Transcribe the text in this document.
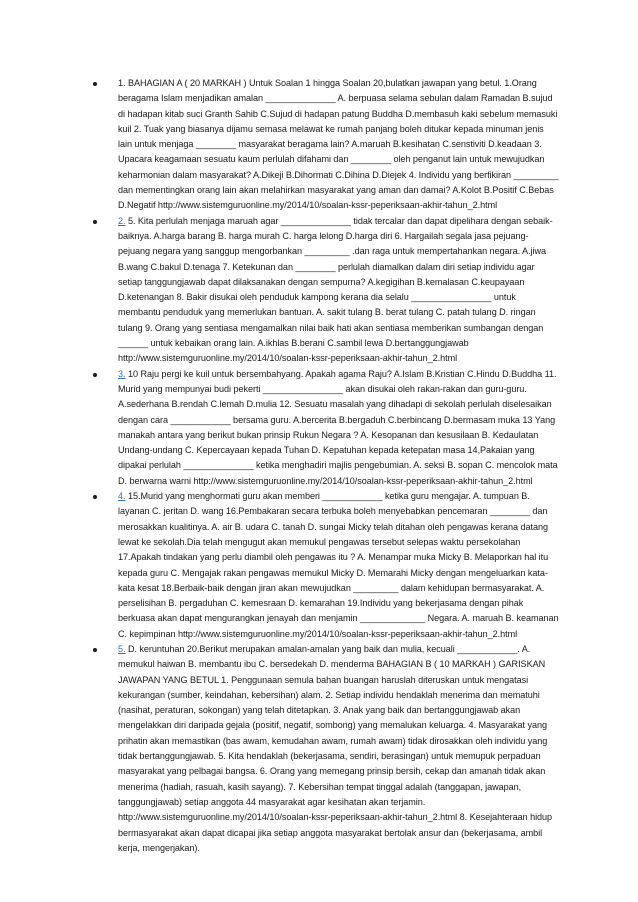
1. BAHAGIAN A ( 20 MARKAH ) Untuk Soalan 1 hingga Soalan 20,bulatkan jawapan yang betul. 1.Orang beragama Islam menjadikan amalan ______________ A. berpuasa selama sebulan dalam Ramadan B.sujud di hadapan kitab suci Granth Sahib C.Sujud di hadapan patung Buddha D.membasuh kaki sebelum memasuki kuil 2. Tuak yang biasanya dijamu semasa melawat ke rumah panjang boleh ditukar kepada minuman jenis lain untuk menjaga ________ masyarakat beragama lain? A.maruah B.kesihatan C.senstiviti D.keadaan 3. Upacara keagamaan sesuatu kaum perlulah difahami dan ________ oleh penganut lain untuk mewujudkan keharmonian dalam masyarakat? A.Dikeji B.Dihormati C.Dihina D.Diejek 4. Individu yang berfikiran _________ dan mementingkan orang lain akan melahirkan masyarakat yang aman dan damai? A.Kolot B.Positif C.Bebas D.Negatif http://www.sistemguruonline.my/2014/10/soalan-kssr-peperiksaan-akhir-tahun_2.html
2. 5. Kita perlulah menjaga maruah agar ______________ tidak tercalar dan dapat dipelihara dengan sebaik-baiknya. A.harga barang B. harga murah C. harga lelong D.harga diri 6. Hargailah segala jasa pejuang-pejuang negara yang sanggup mengorbankan _________ .dan raga untuk mempertahankan negara. A.jiwa B.wang C.bakul D.tenaga 7. Ketekunan dan ________ perlulah diamalkan dalam diri setiap individu agar setiap tanggungjawab dapat dilaksanakan dengan sempurna? A.kegigihan B.kemalasan C.keupayaan D.ketenangan 8. Bakir disukai oleh penduduk kampong kerana dia selalu ________________ untuk membantu penduduk yang memerlukan bantuan. A. sakit tulang B. berat tulang C. patah tulang D. ringan tulang 9. Orang yang sentiasa mengamalkan nilai baik hati akan sentiasa memberikan sumbangan dengan ______ untuk kebaikan orang lain. A.ikhlas B.berani C.sambil lewa D.bertanggungjawab http://www.sistemguruonline.my/2014/10/soalan-kssr-peperiksaan-akhir-tahun_2.html
3. 10 Raju pergi ke kuil untuk bersembahyang. Apakah agama Raju? A.Islam B.Kristian C.Hindu D.Buddha 11. Murid yang mempunyai budi pekerti ________________ akan disukai oleh rakan-rakan dan guru-guru. A.sederhana B.rendah C.lemah D.mulia 12. Sesuatu masalah yang dihadapi di sekolah perlulah diselesaikan dengan cara ____________ bersama guru. A.bercerita B.bergaduh C.berbincang D.bermasam muka 13 Yang manakah antara yang berikut bukan prinsip Rukun Negara ? A. Kesopanan dan kesusilaan B. Kedaulatan Undang-undang C. Kepercayaan kepada Tuhan D. Kepatuhan kepada ketepatan masa 14,Pakaian yang dipakai perlulah ______________ ketika menghadiri majlis pengebumian. A. seksi B. sopan C. mencolok mata D. berwarna warni http://www.sistemguruonline.my/2014/10/soalan-kssr-peperiksaan-akhir-tahun_2.html
4. 15.Murid yang menghormati guru akan memberi ____________ ketika guru mengajar. A. tumpuan B. layanan C. jeritan D. wang 16.Pembakaran secara terbuka boleh menyebabkan pencemaran ________ dan merosakkan kualitinya. A. air B. udara C. tanah D. sungai Micky telah ditahan oleh pengawas kerana datang lewat ke sekolah.Dia telah mengugut akan memukul pengawas tersebut selepas waktu persekolahan 17.Apakah tindakan yang perlu diambil oleh pengawas itu ? A. Menampar muka Micky B. Melaporkan hal itu kepada guru C. Mengajak rakan pengawas memukul Micky D. Memarahi Micky dengan mengeluarkan kata-kata kesat 18.Berbaik-baik dengan jiran akan mewujudkan _________ dalam kehidupan bermasyarakat. A. perselisihan B. pergaduhan C. kemesraan D. kemarahan 19.Individu yang bekerjasama dengan pihak berkuasa akan dapat mengurangkan jenayah dan menjamin _____________ Negara. A. maruah B. keamanan C. kepimpinan http://www.sistemguruonline.my/2014/10/soalan-kssr-peperiksaan-akhir-tahun_2.html
5. D. keruntuhan 20.Berikut merupakan amalan-amalan yang baik dan mulia, kecuali ____________. A. memukul haiwan B. membantu ibu C. bersedekah D. menderma BAHAGIAN B ( 10 MARKAH ) GARISKAN JAWAPAN YANG BETUL 1. Penggunaan semula bahan buangan haruslah diteruskan untuk mengatasi kekurangan (sumber, keindahan, kebersihan) alam. 2. Setiap individu hendaklah menerima dan mematuhi (nasihat, peraturan, sokongan) yang telah ditetapkan. 3. Anak yang baik dan bertanggungjawab akan mengelakkan diri daripada gejala (positif, negatif, sombong) yang memalukan keluarga. 4. Masyarakat yang prihatin akan memastikan (bas awam, kemudahan awam, rumah awam) tidak dirosakkan oleh individu yang tidak bertanggungjawab. 5. Kita hendaklah (bekerjasama, sendiri, berasingan) untuk memupuk perpaduan masyarakat yang pelbagai bangsa. 6. Orang yang memegang prinsip bersih, cekap dan amanah tidak akan menerima (hadiah, rasuah, kasih sayang). 7. Kebersihan tempat tinggal adalah (tanggapan, jawapan, tanggungjawab) setiap anggota 44 masyarakat agar kesihatan akan terjamin. http://www.sistemguruonline.my/2014/10/soalan-kssr-peperiksaan-akhir-tahun_2.html 8. Kesejahteraan hidup bermasyarakat akan dapat dicapai jika setiap anggota masyarakat bertolak ansur dan (bekerjasama, ambil kerja, mengerjakan).
